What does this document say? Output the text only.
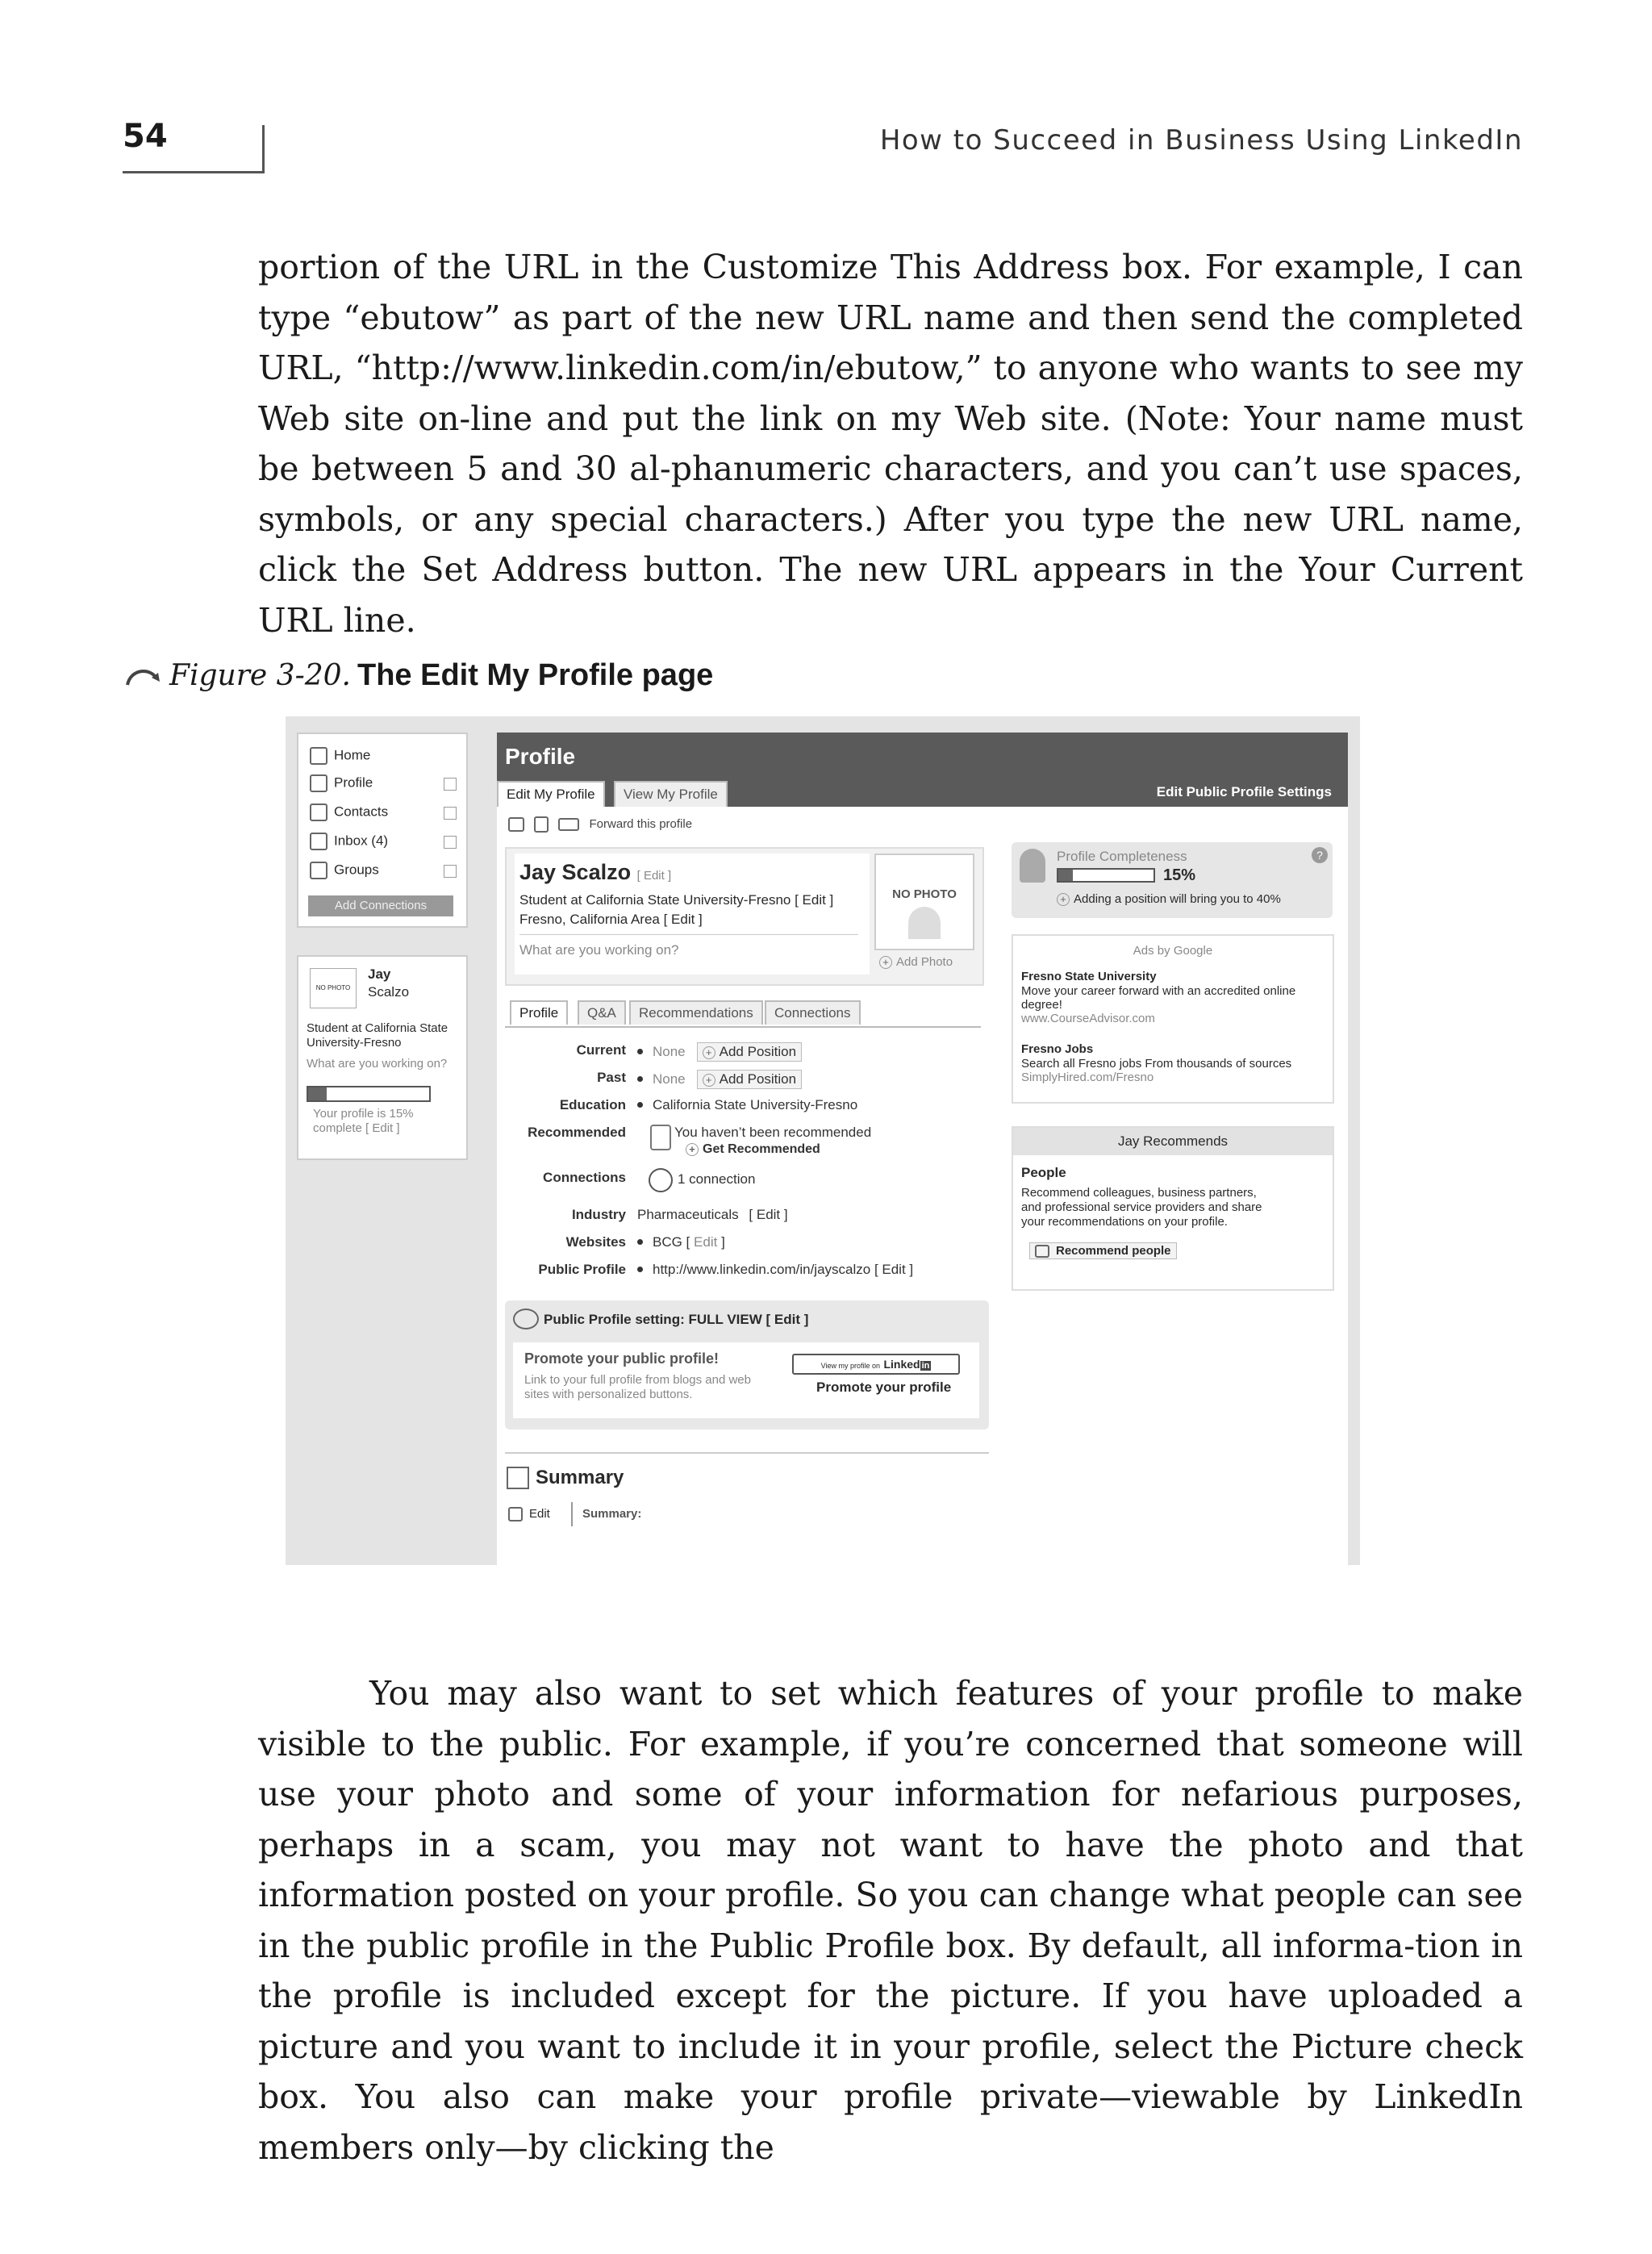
54	How to Succeed in Business Using LinkedIn

portion of the URL in the Customize This Address box. For example, I can type “ebutow” as part of the new URL name and then send the completed URL, “http://www.linkedin.com/in/ebutow,” to anyone who wants to see my Web site on-line and put the link on my Web site. (Note: Your name must be between 5 and 30 al-phanumeric characters, and you can’t use spaces, symbols, or any special characters.) After you type the new URL name, click the Set Address button. The new URL appears in the Your Current URL line.

Figure 3-20. The Edit My Profile page
Home
Profile
Contacts
Inbox (4)
Groups
Add Connections
NO PHOTO
Jay
Scalzo
Student at California State University-Fresno
What are you working on?
Your profile is 15% complete [ Edit ]
Profile
Edit My Profile	View My Profile	Edit Public Profile Settings
Forward this profile
Jay Scalzo [ Edit ]
Student at California State University-Fresno [ Edit ]
Fresno, California Area [ Edit ]
What are you working on?
NO PHOTO
+ Add Photo
Profile	Q&A	Recommendations	Connections
Current	None + Add Position
Past	None + Add Position
Education	California State University-Fresno
Recommended	You haven’t been recommended
+ Get Recommended
Connections	1 connection
Industry Pharmaceuticals [ Edit ]
Websites	BCG [ Edit ]
Public Profile	http://www.linkedin.com/in/jayscalzo [ Edit ]
Public Profile setting: FULL VIEW [ Edit ]
Promote your public profile!
Link to your full profile from blogs and web
sites with personalized buttons.
View my profile on Linked in
Promote your profile
Summary
Edit	Summary:
Profile Completeness	?
15%
+ Adding a position will bring you to 40%
Ads by Google
Fresno State University
Move your career forward with an accredited online
degree!
www.CourseAdvisor.com
Fresno Jobs
Search all Fresno jobs From thousands of sources
SimplyHired.com/Fresno
Jay Recommends
People
Recommend colleagues, business partners,
and professional service providers and share
your recommendations on your profile.
Recommend people

You may also want to set which features of your profile to make visible to the public. For example, if you’re concerned that someone will use your photo and some of your information for nefarious purposes, perhaps in a scam, you may not want to have the photo and that information posted on your profile. So you can change what people can see in the public profile in the Public Profile box. By default, all informa-tion in the profile is included except for the picture. If you have uploaded a picture and you want to include it in your profile, select the Picture check box. You also can make your profile private—viewable by LinkedIn members only—by clicking the
